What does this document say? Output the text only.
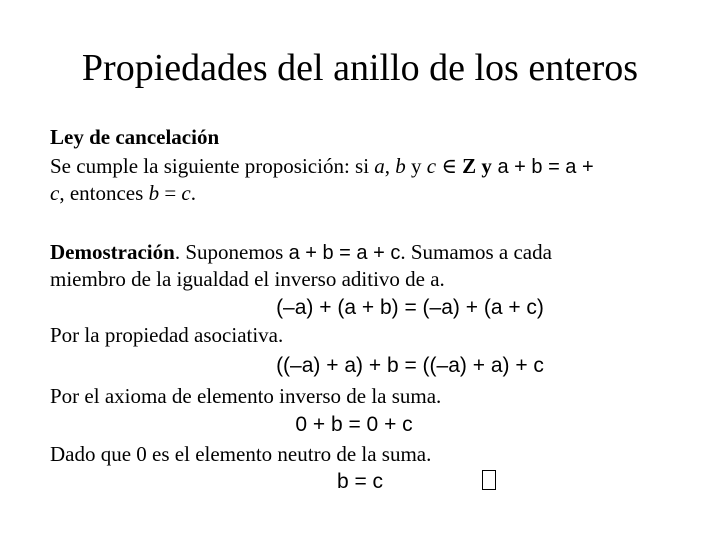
Propiedades del anillo de los enteros
Ley de cancelación
Se cumple la siguiente proposición: si a, b y c ∈ Z y a + b = a +
c, entonces b = c.
Demostración. Suponemos a + b = a + c. Sumamos a cada
miembro de la igualdad el inverso aditivo de a.
(–a) + (a + b) = (–a) + (a + c)
Por la propiedad asociativa.
((–a) + a) + b = ((–a) + a) + c
Por el axioma de elemento inverso de la suma.
0 + b = 0 + c
Dado que 0 es el elemento neutro de la suma.
b = c
